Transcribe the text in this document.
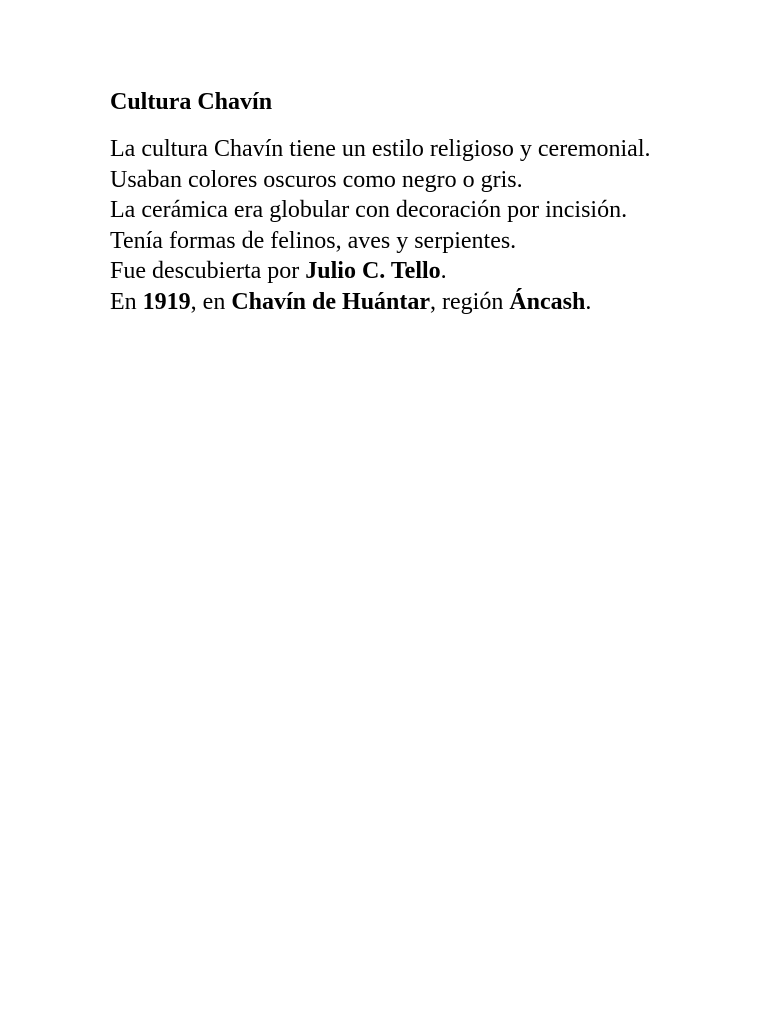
Cultura Chavín

La cultura Chavín tiene un estilo religioso y ceremonial.
Usaban colores oscuros como negro o gris.
La cerámica era globular con decoración por incisión.
Tenía formas de felinos, aves y serpientes.
Fue descubierta por Julio C. Tello.
En 1919, en Chavín de Huántar, región Áncash.
